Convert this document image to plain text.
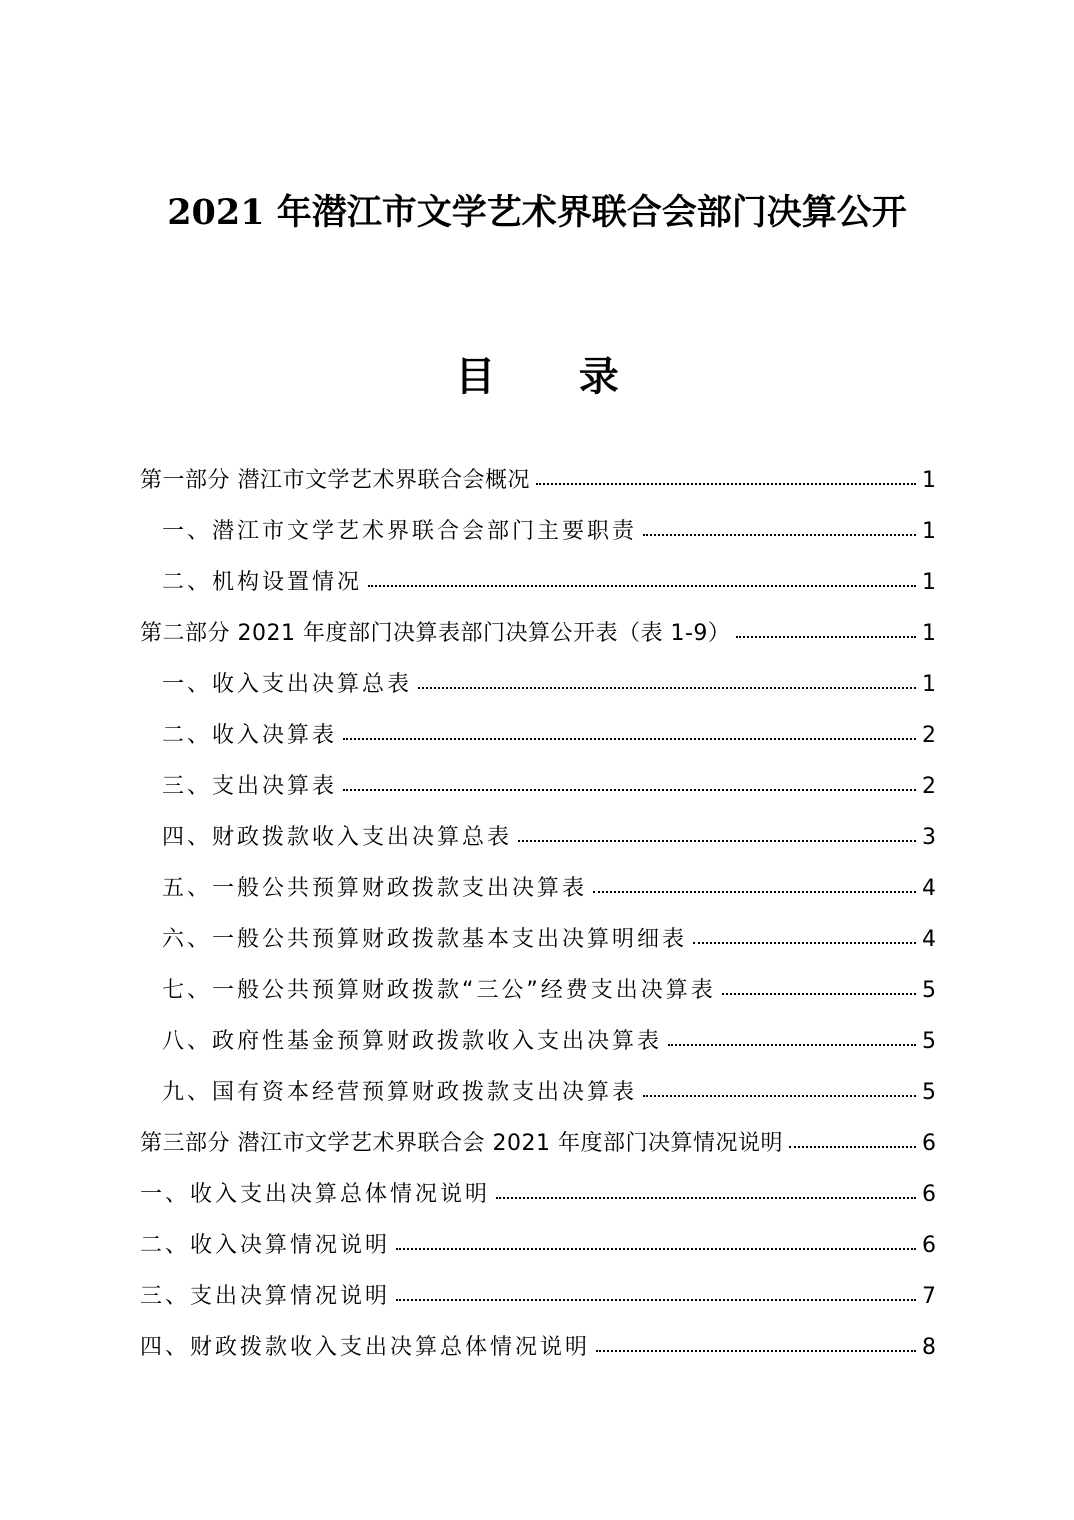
2021 年潜江市文学艺术界联合会部门决算公开
目      录
第一部分 潜江市文学艺术界联合会概况	1
一、潜江市文学艺术界联合会部门主要职责	1
二、机构设置情况	1
第二部分 2021 年度部门决算表部门决算公开表（表 1-9）	1
一、收入支出决算总表	1
二、收入决算表	2
三、支出决算表	2
四、财政拨款收入支出决算总表	3
五、一般公共预算财政拨款支出决算表	4
六、一般公共预算财政拨款基本支出决算明细表	4
七、一般公共预算财政拨款“三公”经费支出决算表	5
八、政府性基金预算财政拨款收入支出决算表	5
九、国有资本经营预算财政拨款支出决算表	5
第三部分 潜江市文学艺术界联合会 2021 年度部门决算情况说明	6
一、收入支出决算总体情况说明	6
二、收入决算情况说明	6
三、支出决算情况说明	7
四、财政拨款收入支出决算总体情况说明	8
